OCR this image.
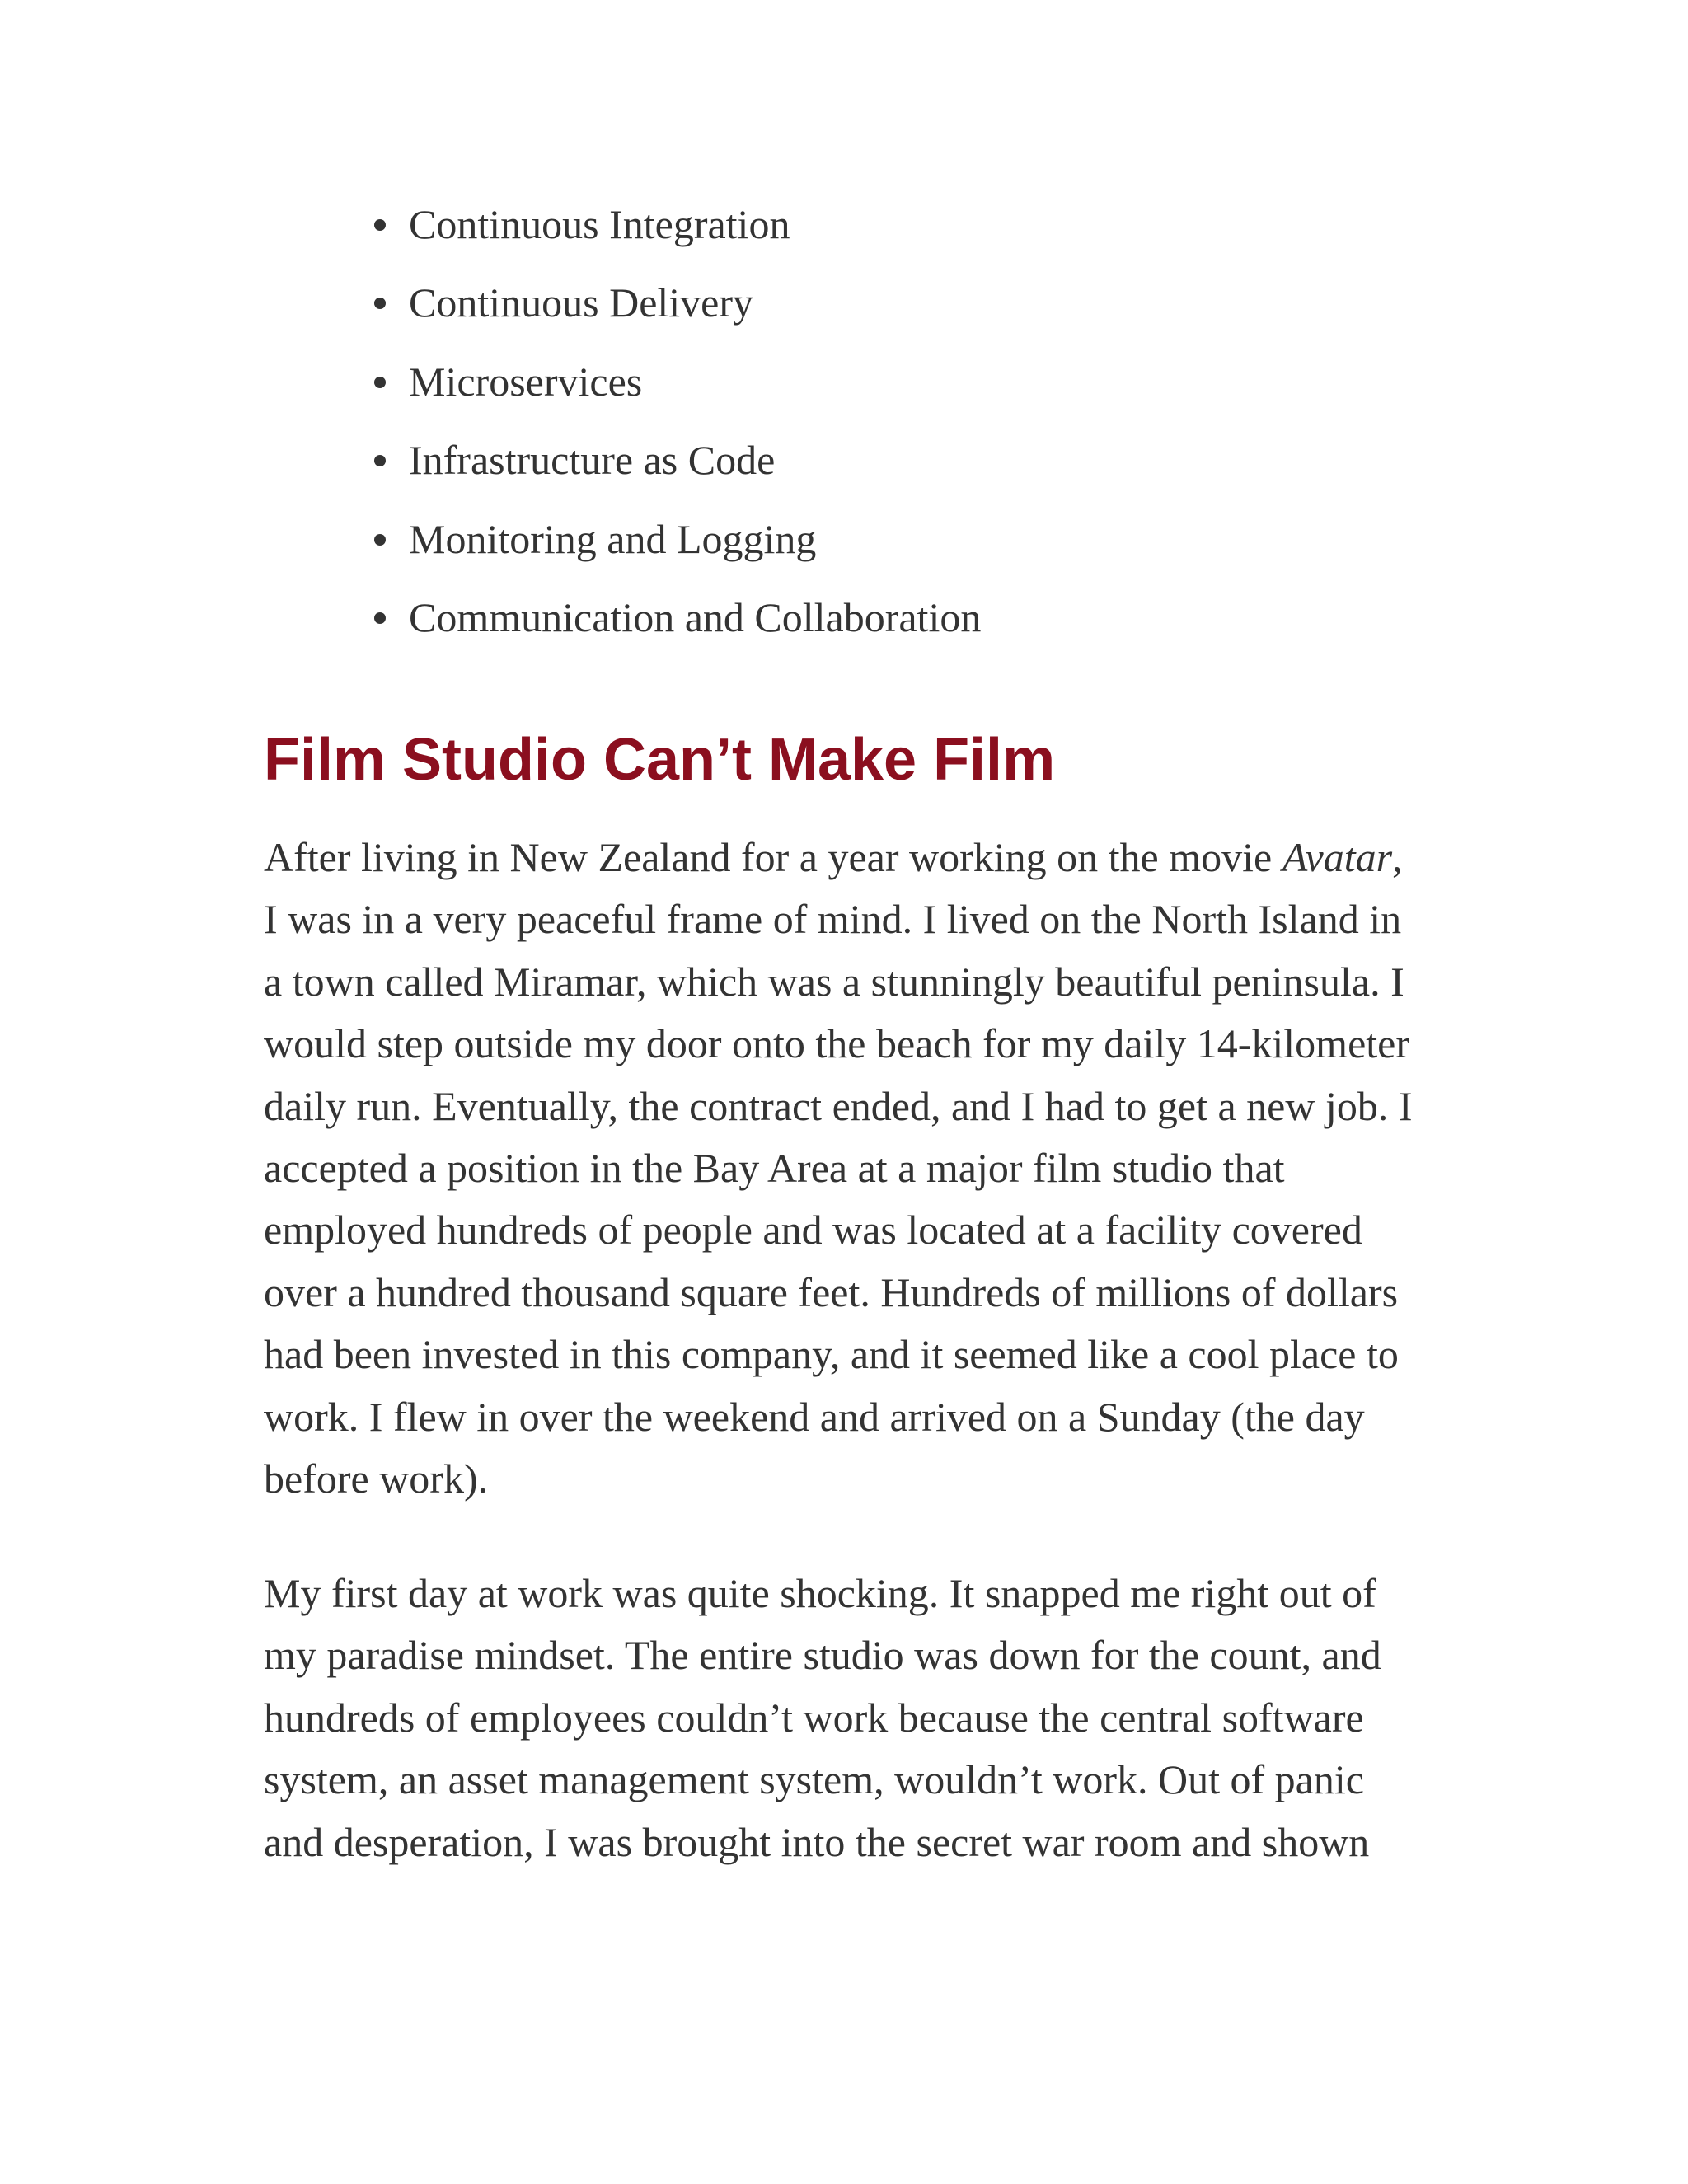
Continuous Integration
Continuous Delivery
Microservices
Infrastructure as Code
Monitoring and Logging
Communication and Collaboration
Film Studio Can’t Make Film

After living in New Zealand for a year working on the movie Avatar,
I was in a very peaceful frame of mind. I lived on the North Island in
a town called Miramar, which was a stunningly beautiful peninsula. I
would step outside my door onto the beach for my daily 14-kilometer
daily run. Eventually, the contract ended, and I had to get a new job. I
accepted a position in the Bay Area at a major film studio that
employed hundreds of people and was located at a facility covered
over a hundred thousand square feet. Hundreds of millions of dollars
had been invested in this company, and it seemed like a cool place to
work. I flew in over the weekend and arrived on a Sunday (the day
before work).

My first day at work was quite shocking. It snapped me right out of
my paradise mindset. The entire studio was down for the count, and
hundreds of employees couldn’t work because the central software
system, an asset management system, wouldn’t work. Out of panic
and desperation, I was brought into the secret war room and shown
